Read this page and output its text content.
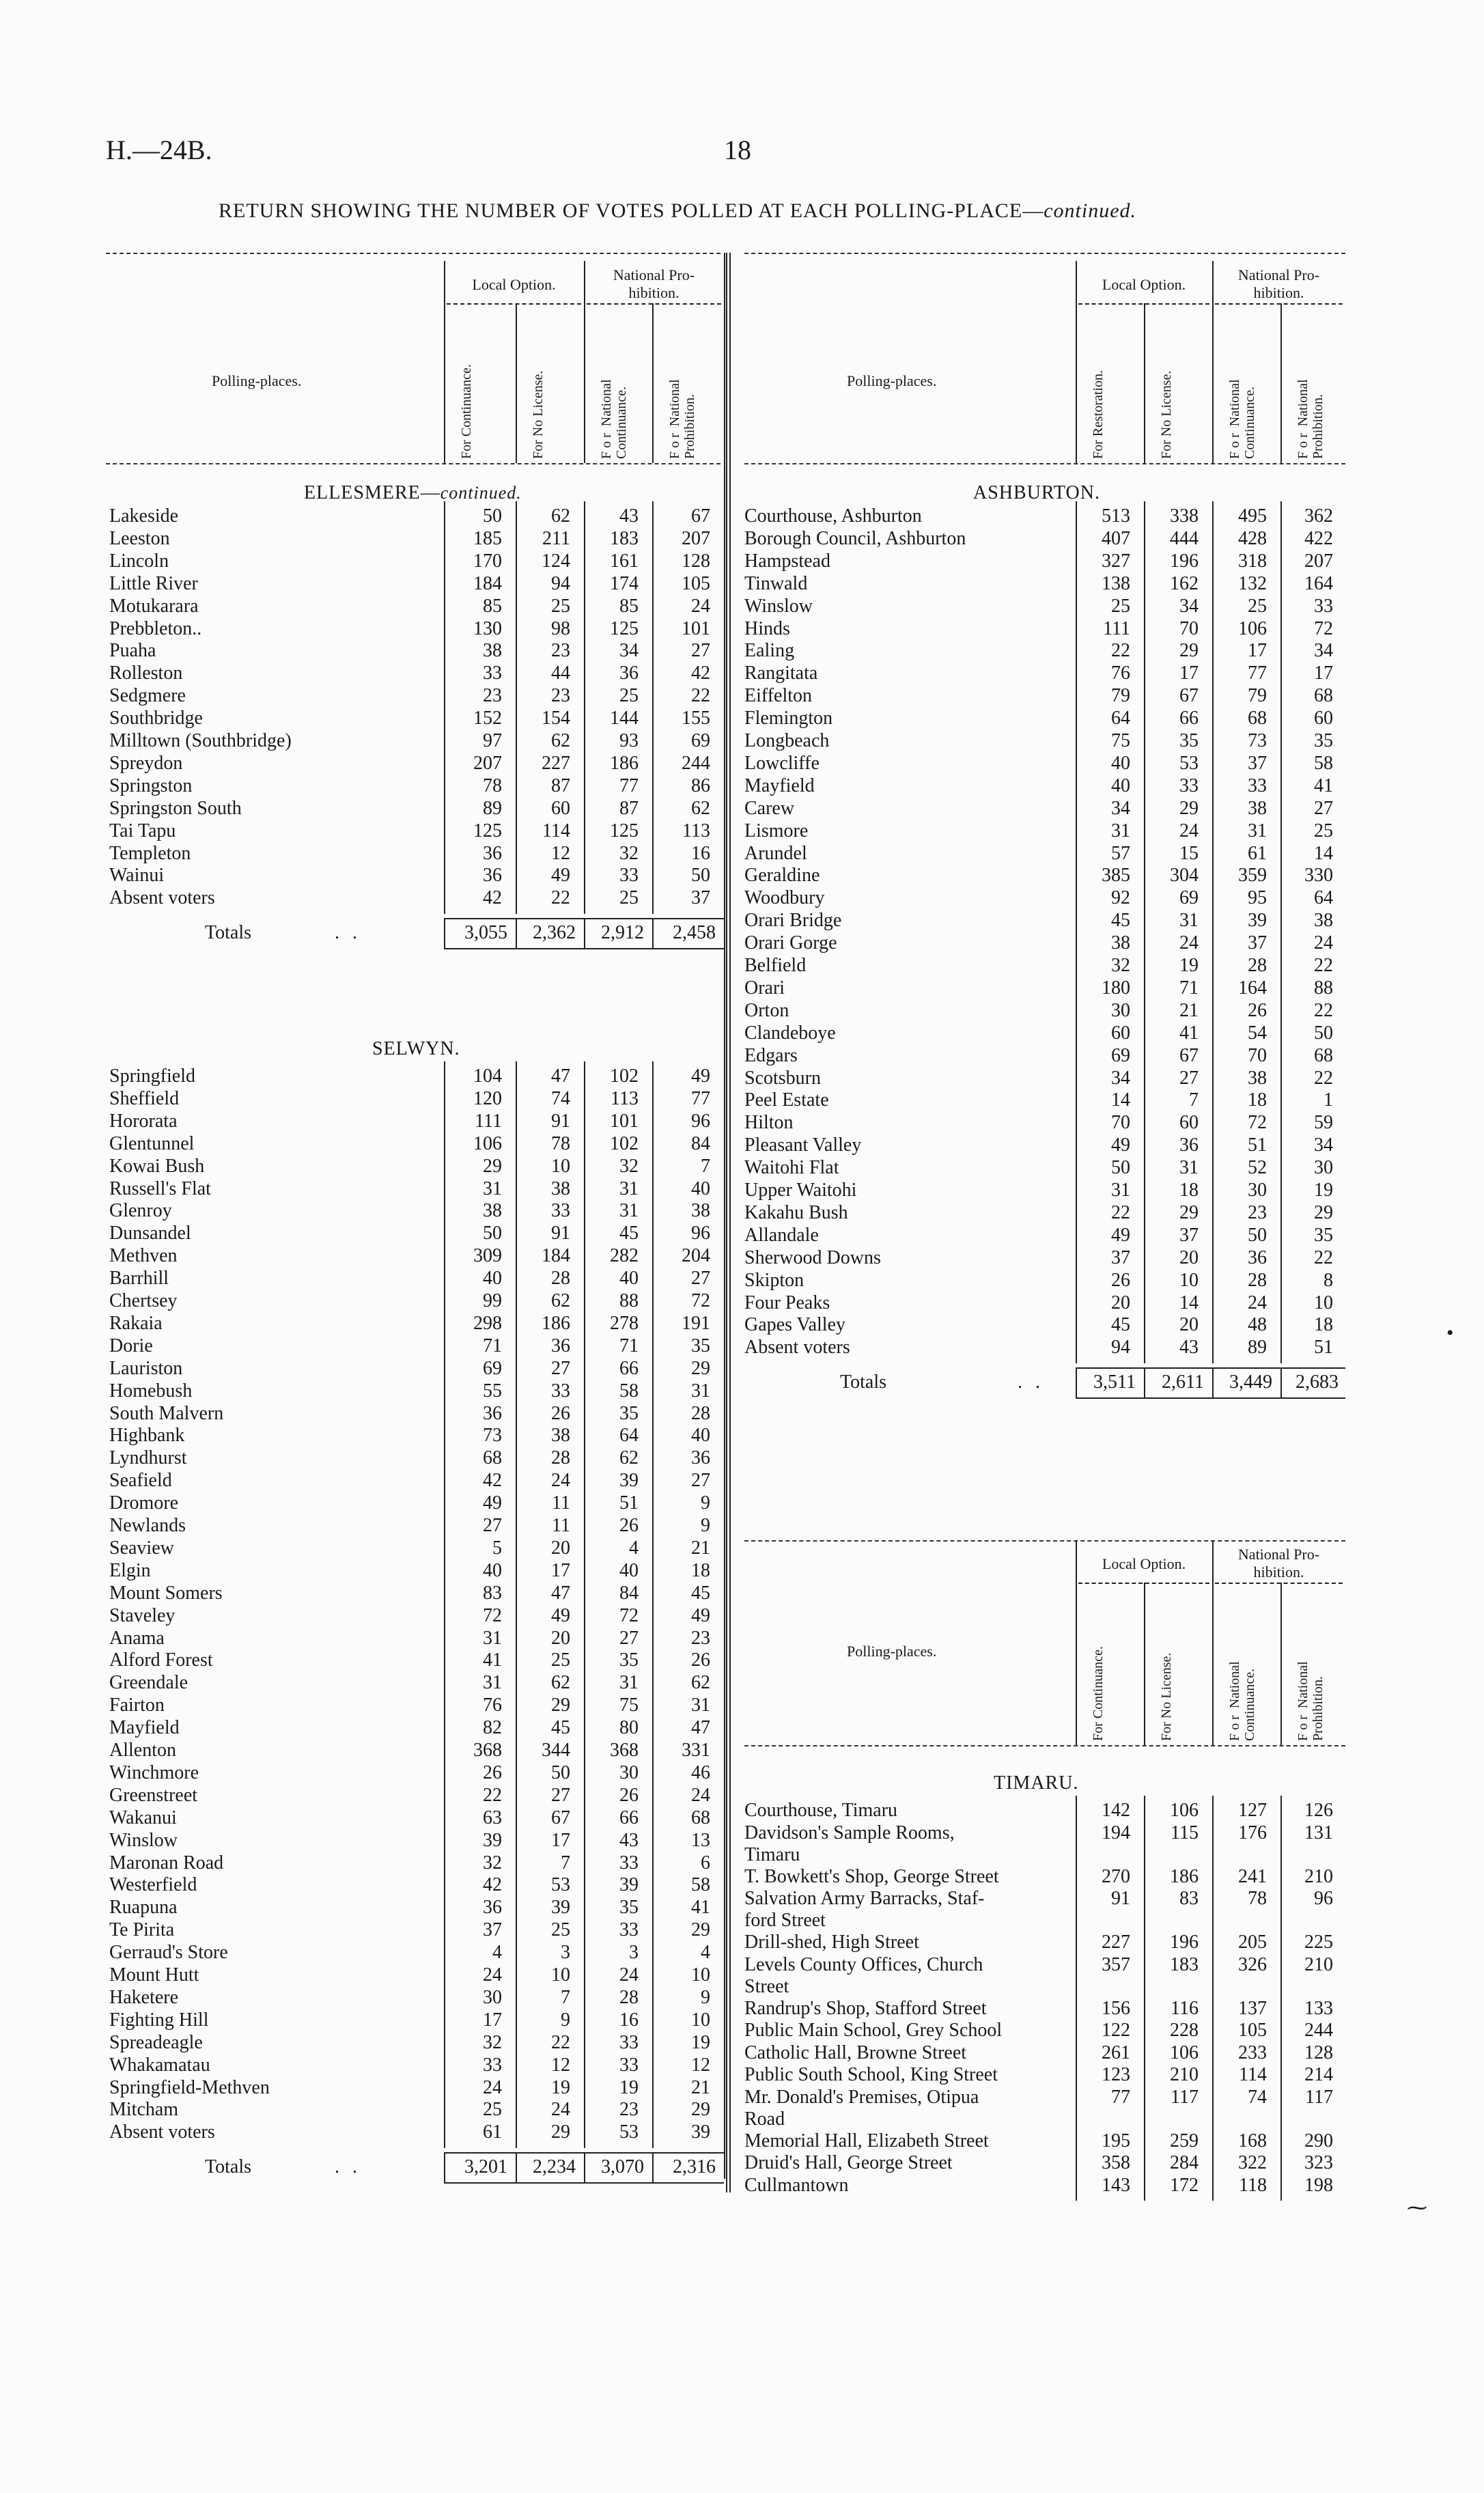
H.—24B.	18
RETURN SHOWING THE NUMBER OF VOTES POLLED AT EACH POLLING-PLACE—continued.
Local Option.
National Pro-
hibition.
Polling-places.	For Continuance.	For No License.	F o r  National
Continuance.	F o r  National
Prohibition.
ELLESMERE—continued.
Lakeside	50	62	43	67
Leeston	185 211 183 207
Lincoln	170 124 161 128
Little River	184	94 174 105
Motukarara	85	25	85	24
Prebbleton..	130	98 125 101
Puaha	38	23	34	27
Rolleston	33	44	36	42
Sedgmere	23	23	25	22
Southbridge	152 154 144 155
Milltown (Southbridge)	97	62	93	69
Spreydon	207 227 186 244
Springston	78	87	77	86
Springston South	89	60	87	62
Tai Tapu	125 114 125 113
Templeton	36	12	32	16
Wainui	36	49	33	50
Absent voters	42	22	25	37
Totals	. .	3,055	2,362	2,912	2,458
SELWYN.
Springfield	104	47 102	49
Sheffield	120	74 113	77
Hororata	111	91 101	96
Glentunnel	106	78 102	84
Kowai Bush	29	10	32	7
Russell's Flat	31	38	31	40
Glenroy	38	33	31	38
Dunsandel	50	91	45	96
Methven	309 184 282 204
Barrhill	40	28	40	27
Chertsey	99	62	88	72
Rakaia	298 186 278 191
Dorie	71	36	71	35
Lauriston	69	27	66	29
Homebush	55	33	58	31
South Malvern	36	26	35	28
Highbank	73	38	64	40
Lyndhurst	68	28	62	36
Seafield	42	24	39	27
Dromore	49	11	51	9
Newlands	27	11	26	9
Seaview	5	20	4	21
Elgin	40	17	40	18
Mount Somers	83	47	84	45
Staveley	72	49	72	49
Anama	31	20	27	23
Alford Forest	41	25	35	26
Greendale	31	62	31	62
Fairton	76	29	75	31
Mayfield	82	45	80	47
Allenton	368 344 368 331
Winchmore	26	50	30	46
Greenstreet	22	27	26	24
Wakanui	63	67	66	68
Winslow	39	17	43	13
Maronan Road	32	7	33	6
Westerfield	42	53	39	58
Ruapuna	36	39	35	41
Te Pirita	37	25	33	29
Gerraud's Store	4	3	3	4
Mount Hutt	24	10	24	10
Haketere	30	7	28	9
Fighting Hill	17	9	16	10
Spreadeagle	32	22	33	19
Whakamatau	33	12	33	12
Springfield-Methven	24	19	19	21
Mitcham	25	24	23	29
Absent voters	61	29	53	39
Totals	. .	3,201	2,234	3,070	2,316
Local Option.
National Pro-
hibition.
Polling-places.	For Restoration.	For No License.	F o r  National
Continuance.	F o r  National
Prohibition.
ASHBURTON.
Courthouse, Ashburton	513 338 495 362
Borough Council, Ashburton	407 444 428 422
Hampstead	327 196 318 207
Tinwald	138 162 132 164
Winslow	25	34	25 33
Hinds	111	70 106 72
Ealing	22	29	17 34
Rangitata	76	17	77 17
Eiffelton	79	67	79 68
Flemington	64	66	68 60
Longbeach	75	35	73 35
Lowcliffe	40	53	37 58
Mayfield	40	33	33 41
Carew	34	29	38 27
Lismore	31	24	31 25
Arundel	57	15	61 14
Geraldine	385 304 359 330
Woodbury	92	69	95 64
Orari Bridge	45	31	39 38
Orari Gorge	38	24	37 24
Belfield	32	19	28 22
Orari	180	71 164 88
Orton	30	21	26 22
Clandeboye	60	41	54 50
Edgars	69	67	70 68
Scotsburn	34	27	38 22
Peel Estate	14	7	18	1
Hilton	70	60	72 59
Pleasant Valley	49	36	51 34
Waitohi Flat	50	31	52 30
Upper Waitohi	31	18	30 19
Kakahu Bush	22	29	23 29
Allandale	49	37	50 35
Sherwood Downs	37	20	36 22
Skipton	26	10	28	8
Four Peaks	20	14	24 10
Gapes Valley	45	20	48 18
Absent voters	94	43	89 51
Totals	. .	3,511	2,611	3,449	2,683
Local Option.
National Pro-
hibition.
Polling-places.	For Continuance.	For No License.	F o r  National
Continuance.	F o r  National
Prohibition.
TIMARU.
Courthouse, Timaru	142 106 127 126
Davidson's Sample Rooms,
Timaru
194 115 176 131
T. Bowkett's Shop, George Street	270 186 241 210
Salvation Army Barracks, Staf-
ford Street
91	83	78 96
Drill-shed, High Street	227 196 205 225
Levels County Offices, Church
Street
357 183 326 210
Randrup's Shop, Stafford Street	156 116 137 133
Public Main School, Grey School	122 228 105 244
Catholic Hall, Browne Street	261 106 233 128
Public South School, King Street	123 210 114 214
Mr. Donald's Premises, Otipua
Road
77 117	74 117
Memorial Hall, Elizabeth Street	195 259 168 290
Druid's Hall, George Street	358 284 322 323
Cullmantown	143 172 118 198
•
⁓
